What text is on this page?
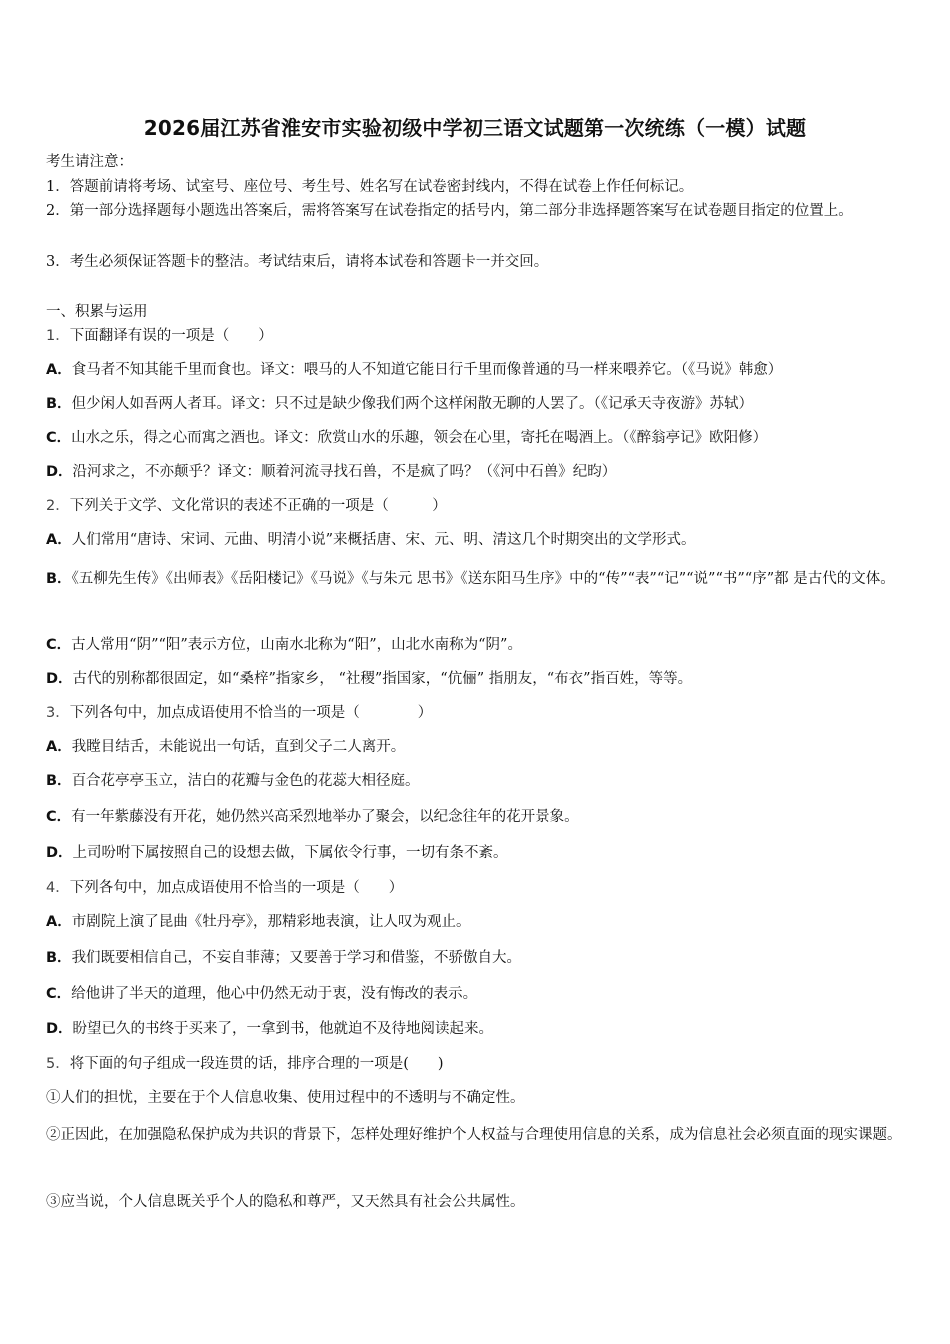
2026届江苏省淮安市实验初级中学初三语文试题第一次统练（一模）试题
考生请注意：
1．答题前请将考场、试室号、座位号、考生号、姓名写在试卷密封线内，不得在试卷上作任何标记。
2．第一部分选择题每小题选出答案后，需将答案写在试卷指定的括号内，第二部分非选择题答案写在试卷题目指定的位置上。
3．考生必须保证答题卡的整洁。考试结束后，请将本试卷和答题卡一并交回。
一、积累与运用
1．下面翻译有误的一项是（　　）
A．食马者不知其能千里而食也。译文：喂马的人不知道它能日行千里而像普通的马一样来喂养它。（《马说》韩愈）
B．但少闲人如吾两人者耳。译文：只不过是缺少像我们两个这样闲散无聊的人罢了。（《记承天寺夜游》苏轼）
C．山水之乐，得之心而寓之酒也。译文：欣赏山水的乐趣，领会在心里，寄托在喝酒上。（《醉翁亭记》欧阳修）
D．沿河求之，不亦颠乎？译文：顺着河流寻找石兽，不是疯了吗？（《河中石兽》纪昀）
2．下列关于文学、文化常识的表述不正确的一项是（　　　）
A．人们常用“唐诗、宋词、元曲、明清小说”来概括唐、宋、元、明、清这几个时期突出的文学形式。
B．《五柳先生传》《出师表》《岳阳楼记》《马说》《与朱元 思书》《送东阳马生序》中的“传”“表”“记”“说”“书”“序”都 是古代的文体。
C．古人常用“阴”“阳”表示方位，山南水北称为“阳”，山北水南称为“阴”。
D．古代的别称都很固定，如“桑梓”指家乡， “社稷”指国家，“伉俪” 指朋友，“布衣”指百姓，等等。
3．下列各句中，加点成语使用不恰当的一项是（　　　　）
A．我瞠目结舌，未能说出一句话，直到父子二人离开。
B．百合花亭亭玉立，洁白的花瓣与金色的花蕊大相径庭。
C．有一年紫藤没有开花，她仍然兴高采烈地举办了聚会，以纪念往年的花开景象。
D．上司吩咐下属按照自己的设想去做，下属依令行事，一切有条不紊。
4．下列各句中，加点成语使用不恰当的一项是（　　）
A．市剧院上演了昆曲《牡丹亭》，那精彩地表演，让人叹为观止。
B．我们既要相信自己，不妄自菲薄；又要善于学习和借鉴，不骄傲自大。
C．给他讲了半天的道理，他心中仍然无动于衷，没有悔改的表示。
D．盼望已久的书终于买来了，一拿到书，他就迫不及待地阅读起来。
5．将下面的句子组成一段连贯的话，排序合理的一项是(　　)
①人们的担忧，主要在于个人信息收集、使用过程中的不透明与不确定性。
②正因此，在加强隐私保护成为共识的背景下，怎样处理好维护个人权益与合理使用信息的关系，成为信息社会必须直面的现实课题。
③应当说，个人信息既关乎个人的隐私和尊严，又天然具有社会公共属性。
